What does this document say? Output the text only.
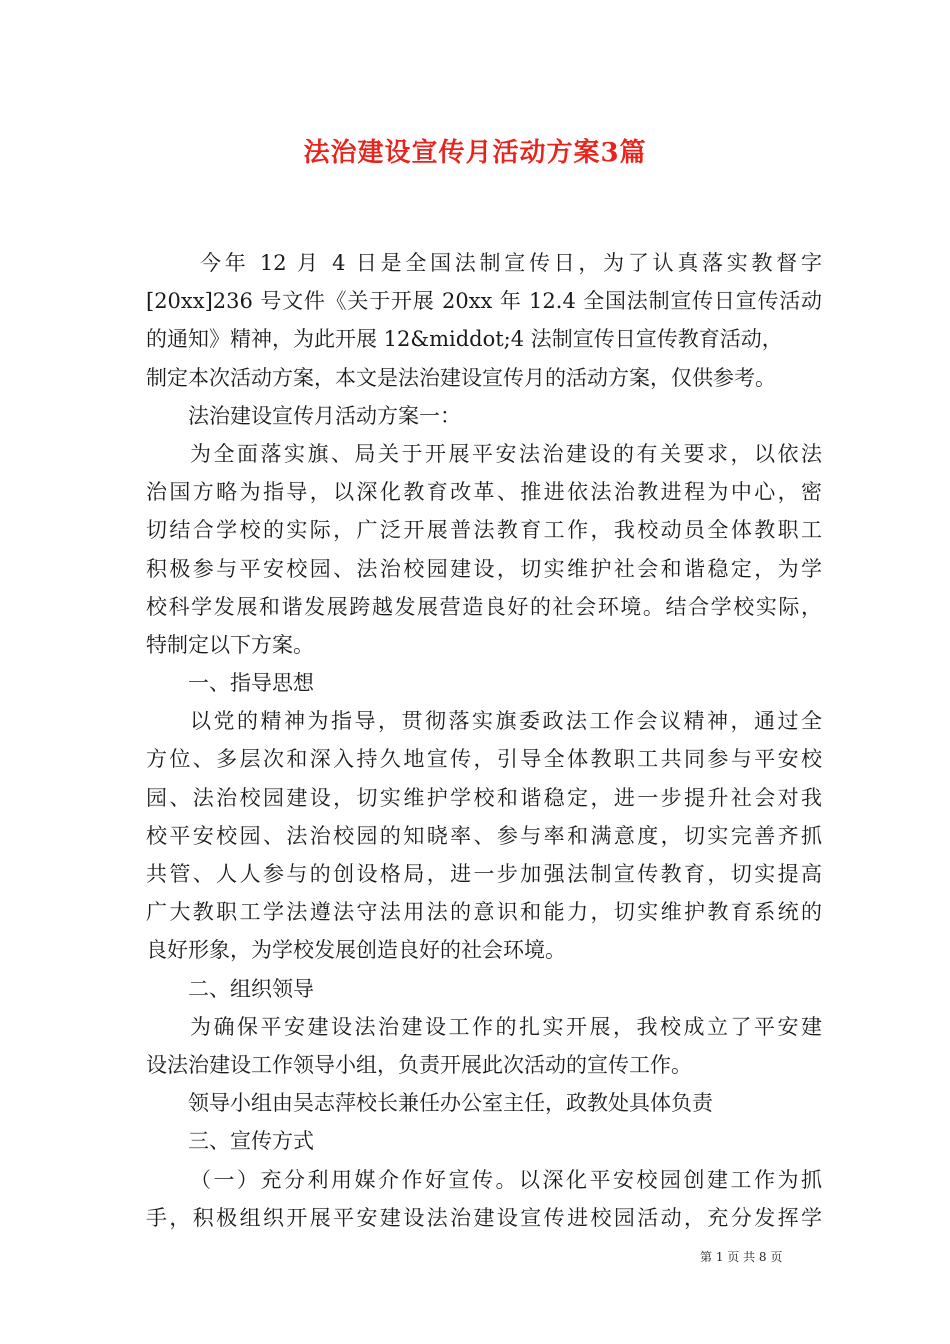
法治建设宣传月活动方案3篇
今年 12 月 4 日是全国法制宣传日，为了认真落实教督字
[20xx]236 号文件《关于开展 20xx 年 12.4 全国法制宣传日宣传活动
的通知》精神，为此开展 12&middot;4 法制宣传日宣传教育活动，
制定本次活动方案，本文是法治建设宣传月的活动方案，仅供参考。
法治建设宣传月活动方案一：
为全面落实旗、局关于开展平安法治建设的有关要求，以依法
治国方略为指导，以深化教育改革、推进依法治教进程为中心，密
切结合学校的实际，广泛开展普法教育工作，我校动员全体教职工
积极参与平安校园、法治校园建设，切实维护社会和谐稳定，为学
校科学发展和谐发展跨越发展营造良好的社会环境。结合学校实际，
特制定以下方案。
一、指导思想
以党的精神为指导，贯彻落实旗委政法工作会议精神，通过全
方位、多层次和深入持久地宣传，引导全体教职工共同参与平安校
园、法治校园建设，切实维护学校和谐稳定，进一步提升社会对我
校平安校园、法治校园的知晓率、参与率和满意度，切实完善齐抓
共管、人人参与的创设格局，进一步加强法制宣传教育，切实提高
广大教职工学法遵法守法用法的意识和能力，切实维护教育系统的
良好形象，为学校发展创造良好的社会环境。
二、组织领导
为确保平安建设法治建设工作的扎实开展，我校成立了平安建
设法治建设工作领导小组，负责开展此次活动的宣传工作。
领导小组由吴志萍校长兼任办公室主任，政教处具体负责
三、宣传方式
（一）充分利用媒介作好宣传。以深化平安校园创建工作为抓
手，积极组织开展平安建设法治建设宣传进校园活动，充分发挥学
第 1 页 共 8 页
